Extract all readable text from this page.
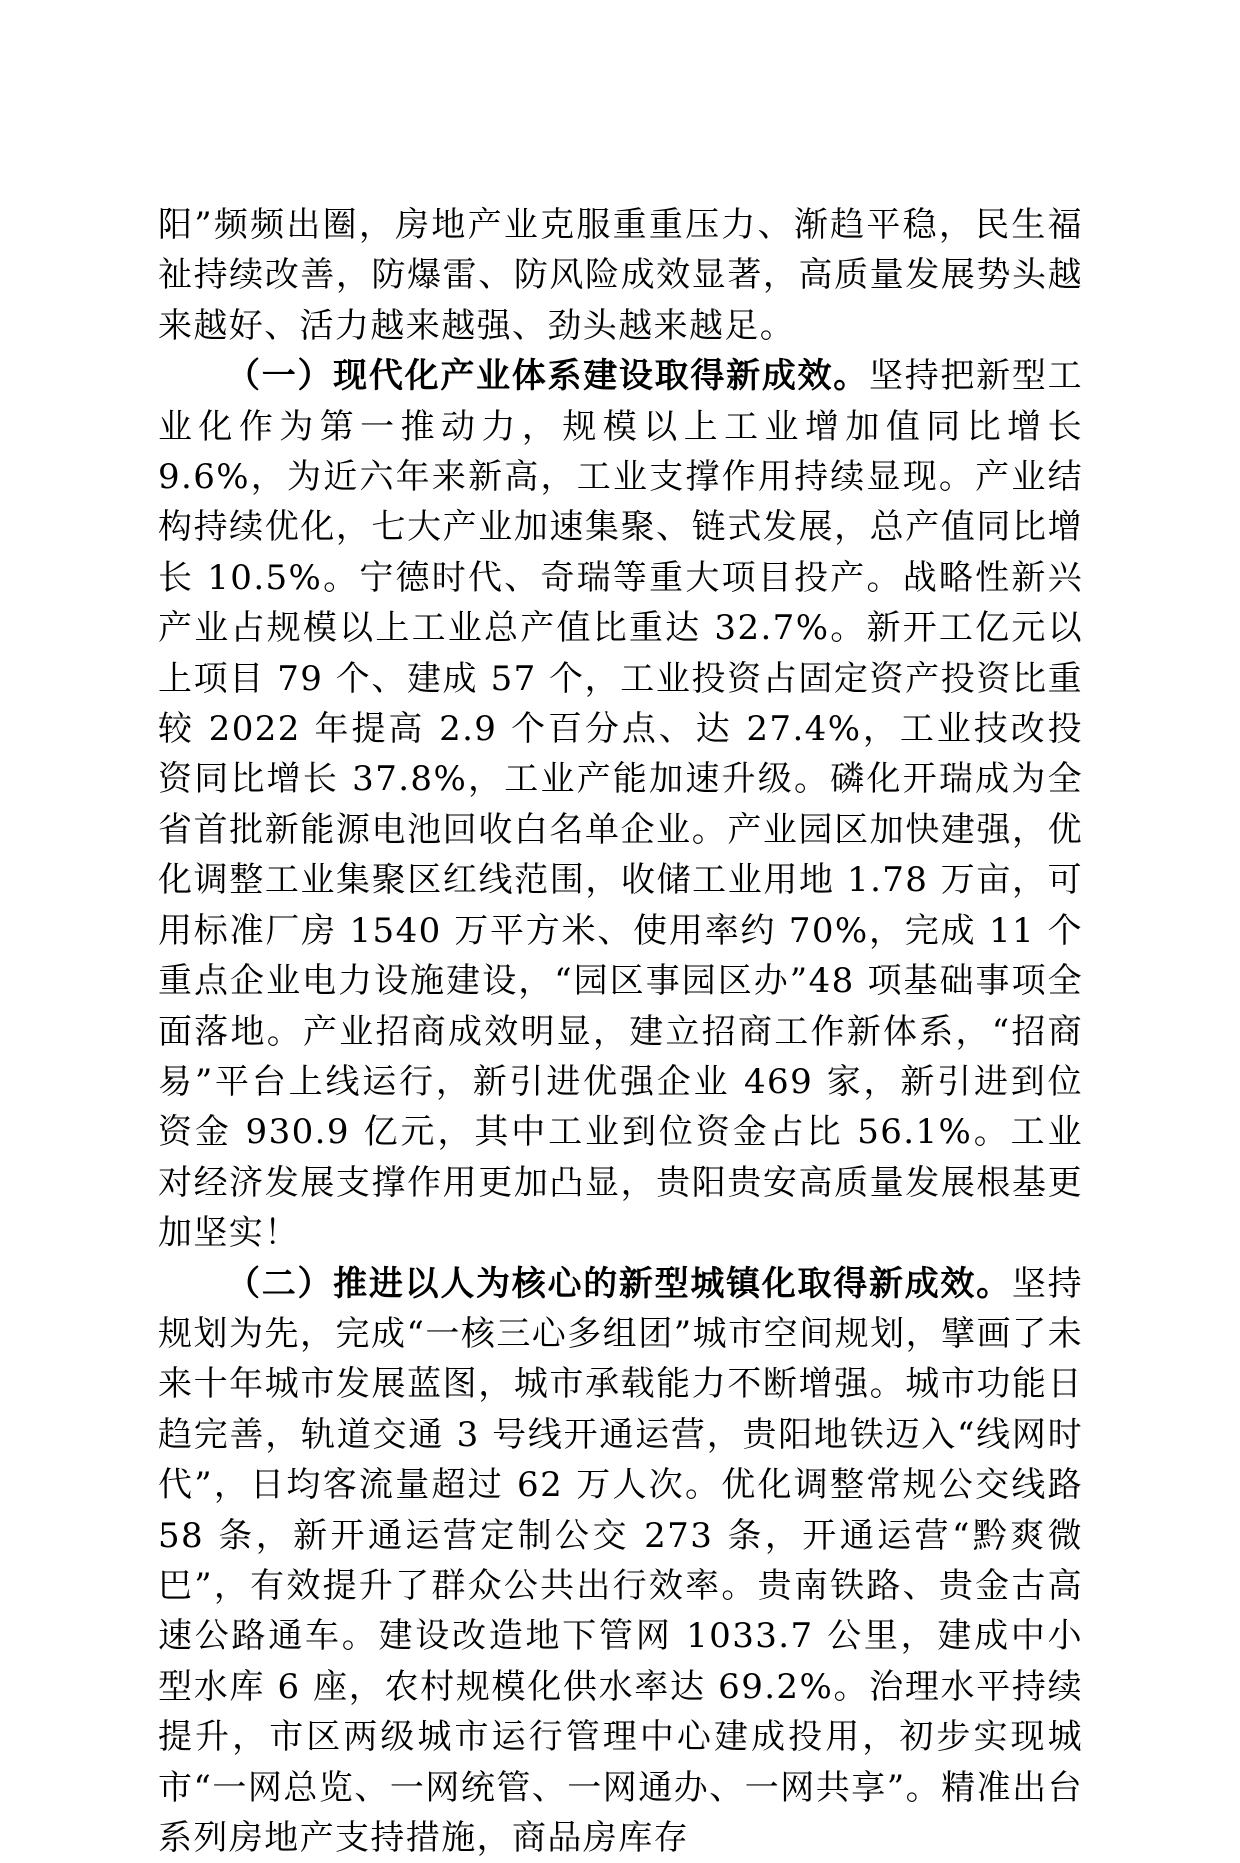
阳”频频出圈，房地产业克服重重压力、渐趋平稳，民生福祉持续改善，防爆雷、防风险成效显著，高质量发展势头越来越好、活力越来越强、劲头越来越足。

（一）现代化产业体系建设取得新成效。坚持把新型工业化作为第一推动力，规模以上工业增加值同比增长 9.6%，为近六年来新高，工业支撑作用持续显现。产业结构持续优化，七大产业加速集聚、链式发展，总产值同比增长 10.5%。宁德时代、奇瑞等重大项目投产。战略性新兴产业占规模以上工业总产值比重达 32.7%。新开工亿元以上项目 79 个、建成 57 个，工业投资占固定资产投资比重较 2022 年提高 2.9 个百分点、达 27.4%，工业技改投资同比增长 37.8%，工业产能加速升级。磷化开瑞成为全省首批新能源电池回收白名单企业。产业园区加快建强，优化调整工业集聚区红线范围，收储工业用地 1.78 万亩，可用标准厂房 1540 万平方米、使用率约 70%，完成 11 个重点企业电力设施建设，“园区事园区办”48 项基础事项全面落地。产业招商成效明显，建立招商工作新体系，“招商易”平台上线运行，新引进优强企业 469 家，新引进到位资金 930.9 亿元，其中工业到位资金占比 56.1%。工业对经济发展支撑作用更加凸显，贵阳贵安高质量发展根基更加坚实！

（二）推进以人为核心的新型城镇化取得新成效。坚持规划为先，完成“一核三心多组团”城市空间规划，擘画了未来十年城市发展蓝图，城市承载能力不断增强。城市功能日趋完善，轨道交通 3 号线开通运营，贵阳地铁迈入“线网时代”，日均客流量超过 62 万人次。优化调整常规公交线路 58 条，新开通运营定制公交 273 条，开通运营“黔爽微巴”，有效提升了群众公共出行效率。贵南铁路、贵金古高速公路通车。建设改造地下管网 1033.7 公里，建成中小型水库 6 座，农村规模化供水率达 69.2%。治理水平持续提升，市区两级城市运行管理中心建成投用，初步实现城市“一网总览、一网统管、一网通办、一网共享”。精准出台系列房地产支持措施，商品房库存
